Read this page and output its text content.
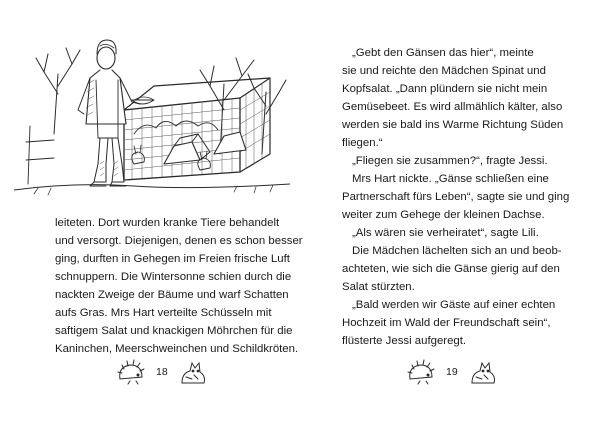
leiteten. Dort wurden kranke Tiere behandelt

und versorgt. Diejenigen, denen es schon besser

ging, durften in Gehegen im Freien frische Luft

schnuppern. Die Wintersonne schien durch die

nackten Zweige der Bäume und warf Schatten

aufs Gras. Mrs Hart verteilte Schüsseln mit

saftigem Salat und knackigen Möhrchen für die

Kaninchen, Meerschweinchen und Schildkröten.

18

„Gebt den Gänsen das hier“, meinte

sie und reichte den Mädchen Spinat und

Kopfsalat. „Dann plündern sie nicht mein

Gemüsebeet. Es wird allmählich kälter, also

werden sie bald ins Warme Richtung Süden

fliegen.“

„Fliegen sie zusammen?“, fragte Jessi.

Mrs Hart nickte. „Gänse schließen eine

Partnerschaft fürs Leben“, sagte sie und ging

weiter zum Gehege der kleinen Dachse.

„Als wären sie verheiratet“, sagte Lili.

Die Mädchen lächelten sich an und beob-

achteten, wie sich die Gänse gierig auf den

Salat stürzten.

„Bald werden wir Gäste auf einer echten

Hochzeit im Wald der Freundschaft sein“,

flüsterte Jessi aufgeregt.

19
